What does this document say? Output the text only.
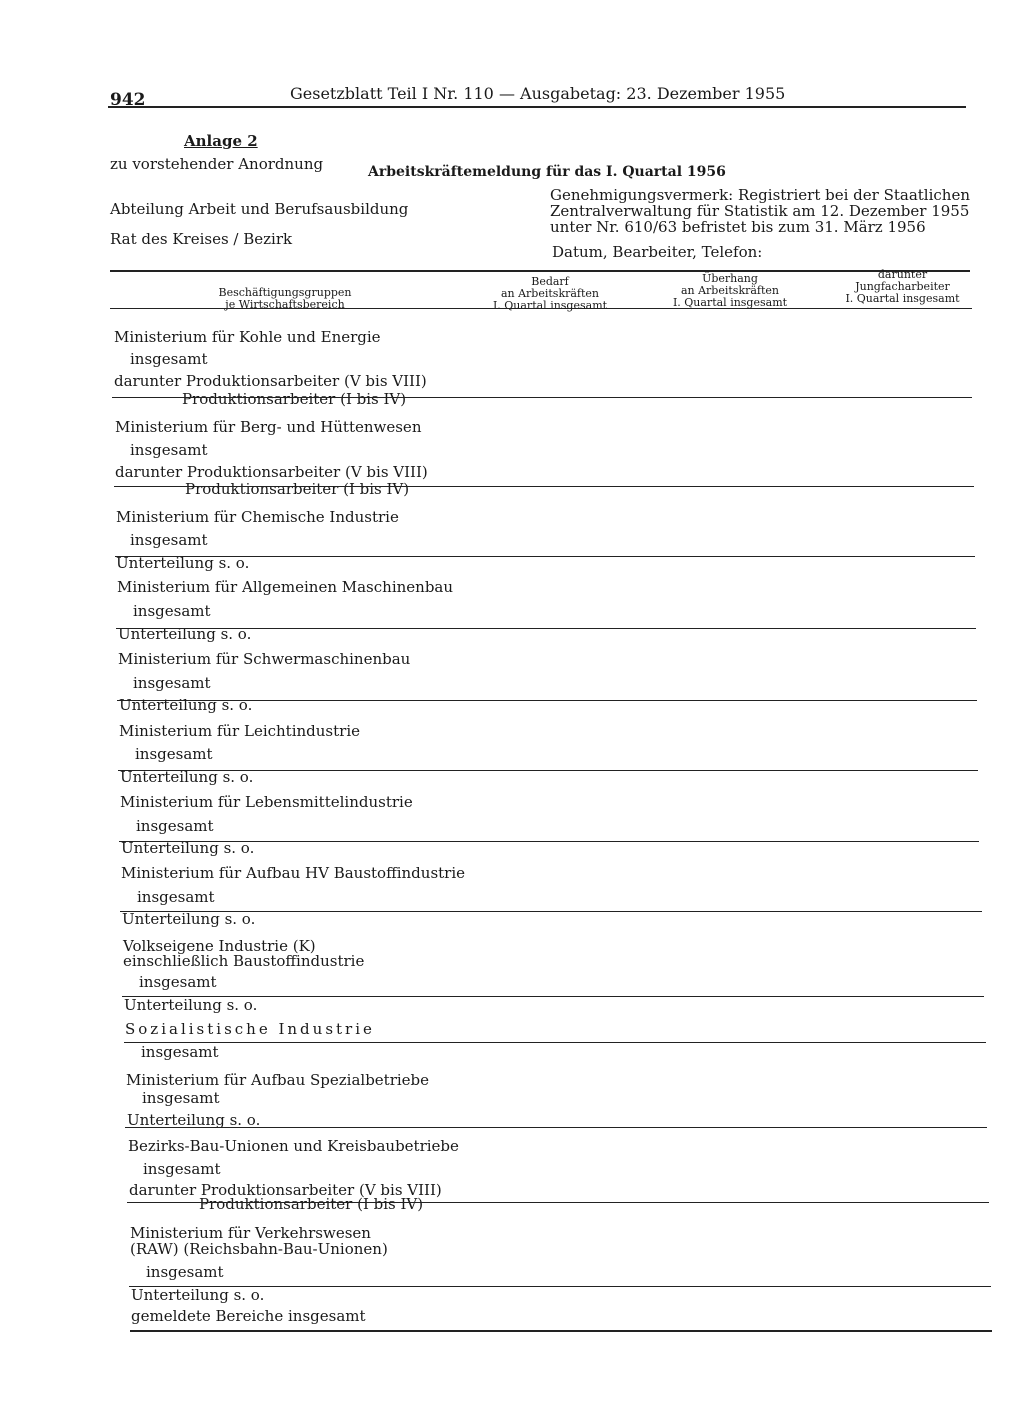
942	Gesetzblatt Teil I Nr. 110 — Ausgabetag: 23. Dezember 1955
Anlage 2
zu vorstehender Anordnung	Arbeitskräftemeldung für das I. Quartal 1956
Abteilung Arbeit und Berufsausbildung
Rat des Kreises / Bezirk
Genehmigungsvermerk: Registriert bei der Staatlichen
Zentralverwaltung für Statistik am 12. Dezember 1955
unter Nr. 610/63 befristet bis zum 31. März 1956
Datum, Bearbeiter, Telefon:
Beschäftigungsgruppen
je Wirtschaftsbereich
Bedarf
an Arbeitskräften
I. Quartal insgesamt
Überhang
an Arbeitskräften
I. Quartal insgesamt
darunter
Jungfacharbeiter
I. Quartal insgesamt
Ministerium für Kohle und Energie
insgesamt
darunter Produktionsarbeiter (V bis VIII)
Produktionsarbeiter (I bis IV)
Ministerium für Berg- und Hüttenwesen
insgesamt
darunter Produktionsarbeiter (V bis VIII)
Produktionsarbeiter (I bis IV)
Ministerium für Chemische Industrie
insgesamt
Unterteilung s. o.
Ministerium für Allgemeinen Maschinenbau
insgesamt
Unterteilung s. o.
Ministerium für Schwermaschinenbau
insgesamt
Unterteilung s. o.
Ministerium für Leichtindustrie
insgesamt
Unterteilung s. o.
Ministerium für Lebensmittelindustrie
insgesamt
Unterteilung s. o.
Ministerium für Aufbau HV Baustoffindustrie
insgesamt
Unterteilung s. o.
Volkseigene Industrie (K)
einschließlich Baustoffindustrie
insgesamt
Unterteilung s. o.
Sozialistische Industrie
insgesamt
Ministerium für Aufbau Spezialbetriebe
insgesamt
Unterteilung s. o.
Bezirks-Bau-Unionen und Kreisbaubetriebe
insgesamt
darunter Produktionsarbeiter (V bis VIII)
Produktionsarbeiter (I bis IV)
Ministerium für Verkehrswesen
(RAW) (Reichsbahn-Bau-Unionen)
insgesamt
Unterteilung s. o.
gemeldete Bereiche insgesamt
